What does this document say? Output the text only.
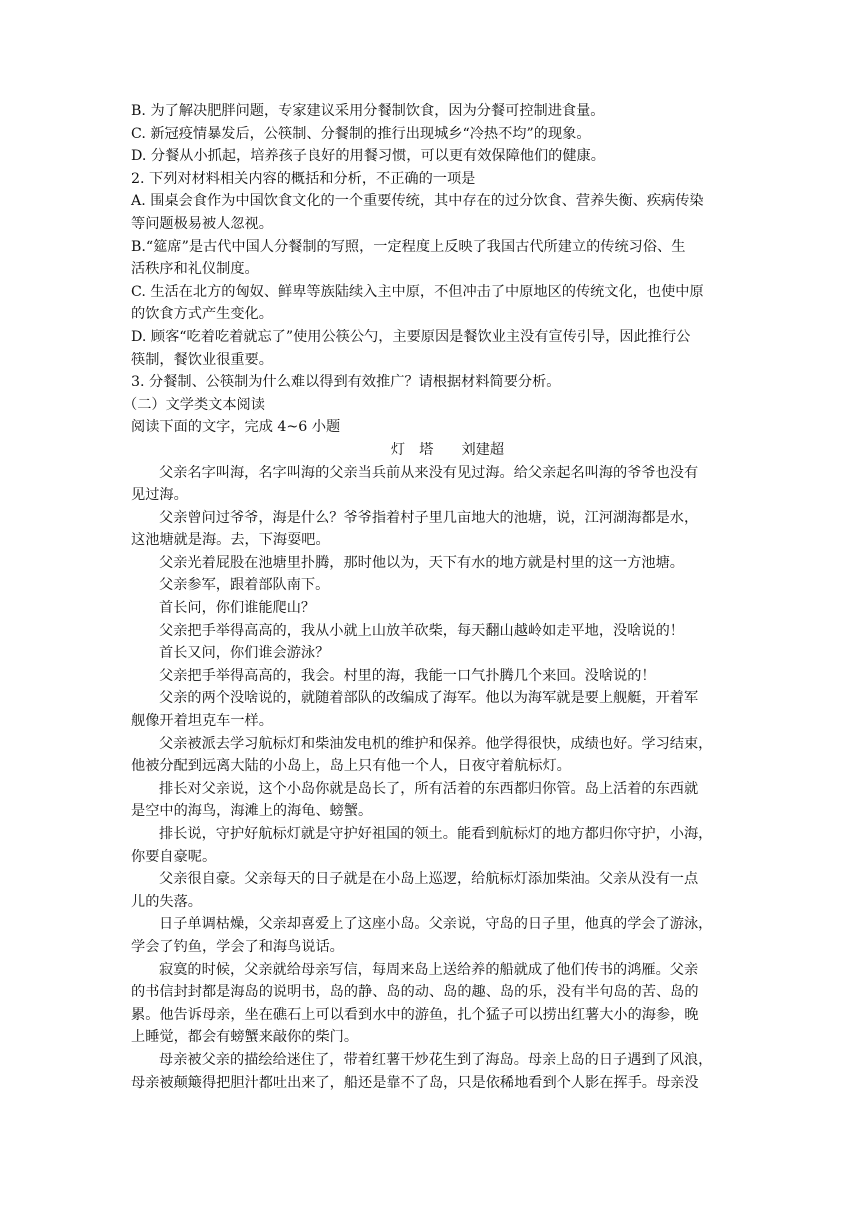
B. 为了解决肥胖问题，专家建议采用分餐制饮食，因为分餐可控制进食量。
C. 新冠疫情暴发后，公筷制、分餐制的推行出现城乡“冷热不均”的现象。
D. 分餐从小抓起，培养孩子良好的用餐习惯，可以更有效保障他们的健康。
2. 下列对材料相关内容的概括和分析，不正确的一项是
A. 围桌会食作为中国饮食文化的一个重要传统，其中存在的过分饮食、营养失衡、疾病传染
等问题极易被人忽视。
B.“筵席”是古代中国人分餐制的写照，一定程度上反映了我国古代所建立的传统习俗、生
活秩序和礼仪制度。
C. 生活在北方的匈奴、鲜卑等族陆续入主中原，不但冲击了中原地区的传统文化，也使中原
的饮食方式产生变化。
D. 顾客“吃着吃着就忘了”使用公筷公勺，主要原因是餐饮业主没有宣传引导，因此推行公
筷制，餐饮业很重要。
3. 分餐制、公筷制为什么难以得到有效推广？请根据材料简要分析。
（二）文学类文本阅读
阅读下面的文字，完成 4~6 小题
灯　塔 刘建超
父亲名字叫海，名字叫海的父亲当兵前从来没有见过海。给父亲起名叫海的爷爷也没有
见过海。
父亲曾问过爷爷，海是什么？爷爷指着村子里几亩地大的池塘，说，江河湖海都是水，
这池塘就是海。去，下海耍吧。
父亲光着屁股在池塘里扑腾，那时他以为，天下有水的地方就是村里的这一方池塘。
父亲参军，跟着部队南下。
首长问，你们谁能爬山？
父亲把手举得高高的，我从小就上山放羊砍柴，每天翻山越岭如走平地，没啥说的！
首长又问，你们谁会游泳？
父亲把手举得高高的，我会。村里的海，我能一口气扑腾几个来回。没啥说的！
父亲的两个没啥说的，就随着部队的改编成了海军。他以为海军就是要上舰艇，开着军
舰像开着坦克车一样。
父亲被派去学习航标灯和柴油发电机的维护和保养。他学得很快，成绩也好。学习结束，
他被分配到远离大陆的小岛上，岛上只有他一个人，日夜守着航标灯。
排长对父亲说，这个小岛你就是岛长了，所有活着的东西都归你管。岛上活着的东西就
是空中的海鸟，海滩上的海龟、螃蟹。
排长说，守护好航标灯就是守护好祖国的领土。能看到航标灯的地方都归你守护，小海，
你要自豪呢。
父亲很自豪。父亲每天的日子就是在小岛上巡逻，给航标灯添加柴油。父亲从没有一点
儿的失落。
日子单调枯燥，父亲却喜爱上了这座小岛。父亲说，守岛的日子里，他真的学会了游泳，
学会了钓鱼，学会了和海鸟说话。
寂寞的时候，父亲就给母亲写信，每周来岛上送给养的船就成了他们传书的鸿雁。父亲
的书信封封都是海岛的说明书，岛的静、岛的动、岛的趣、岛的乐，没有半句岛的苦、岛的
累。他告诉母亲，坐在礁石上可以看到水中的游鱼，扎个猛子可以捞出红薯大小的海参，晚
上睡觉，都会有螃蟹来敲你的柴门。
母亲被父亲的描绘给迷住了，带着红薯干炒花生到了海岛。母亲上岛的日子遇到了风浪，
母亲被颠簸得把胆汁都吐出来了，船还是靠不了岛，只是依稀地看到个人影在挥手。母亲没
